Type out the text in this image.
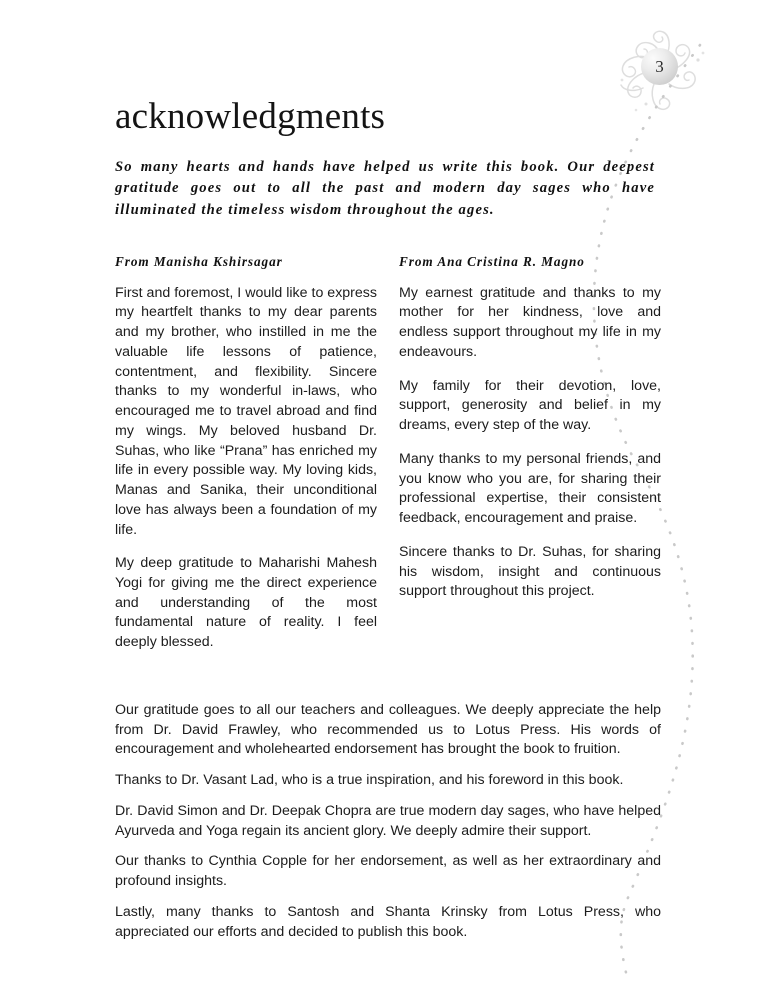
3
acknowledgments

So many hearts and hands have helped us write this book. Our deepest gratitude goes out to all the past and modern day sages who have illuminated the timeless wisdom throughout the ages.

From Manisha Kshirsagar

First and foremost, I would like to express my heartfelt thanks to my dear parents and my brother, who instilled in me the valuable life lessons of patience, contentment, and flexibility. Sincere thanks to my wonderful in-laws, who encouraged me to travel abroad and find my wings. My beloved husband Dr. Suhas, who like “Prana” has enriched my life in every possible way. My loving kids, Manas and Sanika, their unconditional love has always been a foundation of my life.

My deep gratitude to Maharishi Mahesh Yogi for giving me the direct experience and understanding of the most fundamental nature of reality. I feel deeply blessed.

From Ana Cristina R. Magno

My earnest gratitude and thanks to my mother for her kindness, love and endless support throughout my life in my endeavours.

My family for their devotion, love, support, generosity and belief in my dreams, every step of the way.

Many thanks to my personal friends, and you know who you are, for sharing their professional expertise, their consistent feedback, encouragement and praise.

Sincere thanks to Dr. Suhas, for sharing his wisdom, insight and continuous support throughout this project.

Our gratitude goes to all our teachers and colleagues. We deeply appreciate the help from Dr. David Frawley, who recommended us to Lotus Press. His words of encouragement and wholehearted endorsement has brought the book to fruition.

Thanks to Dr. Vasant Lad, who is a true inspiration, and his foreword in this book.

Dr. David Simon and Dr. Deepak Chopra are true modern day sages, who have helped Ayurveda and Yoga regain its ancient glory. We deeply admire their support.

Our thanks to Cynthia Copple for her endorsement, as well as her extraordinary and profound insights.

Lastly, many thanks to Santosh and Shanta Krinsky from Lotus Press, who appreciated our efforts and decided to publish this book.
